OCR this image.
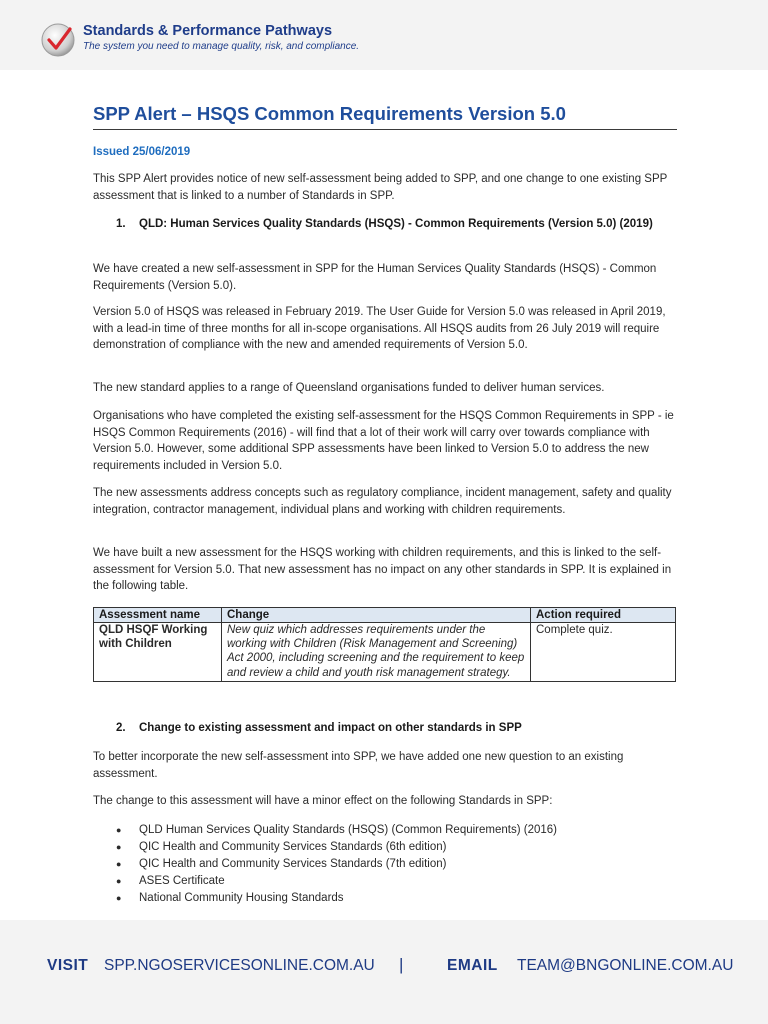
Standards & Performance Pathways
The system you need to manage quality, risk, and compliance.
SPP Alert – HSQS Common Requirements Version 5.0

Issued 25/06/2019

This SPP Alert provides notice of new self-assessment being added to SPP, and one change to one existing SPP assessment that is linked to a number of Standards in SPP.

1.	QLD: Human Services Quality Standards (HSQS) - Common Requirements (Version 5.0) (2019)

We have created a new self-assessment in SPP for the Human Services Quality Standards (HSQS) - Common Requirements (Version 5.0).

Version 5.0 of HSQS was released in February 2019. The User Guide for Version 5.0 was released in April 2019, with a lead-in time of three months for all in-scope organisations. All HSQS audits from 26 July 2019 will require demonstration of compliance with the new and amended requirements of Version 5.0.

The new standard applies to a range of Queensland organisations funded to deliver human services.

Organisations who have completed the existing self-assessment for the HSQS Common Requirements in SPP - ie HSQS Common Requirements (2016) - will find that a lot of their work will carry over towards compliance with Version 5.0. However, some additional SPP assessments have been linked to Version 5.0 to address the new requirements included in Version 5.0.

The new assessments address concepts such as regulatory compliance, incident management, safety and quality integration, contractor management, individual plans and working with children requirements.

We have built a new assessment for the HSQS working with children requirements, and this is linked to the self-assessment for Version 5.0. That new assessment has no impact on any other standards in SPP. It is explained in the following table.

Assessment name	Change	Action required
QLD HSQF Working with Children	New quiz which addresses requirements under the working with Children (Risk Management and Screening) Act 2000, including screening and the requirement to keep and review a child and youth risk management strategy.	Complete quiz.
2.	Change to existing assessment and impact on other standards in SPP

To better incorporate the new self-assessment into SPP, we have added one new question to an existing assessment.

The change to this assessment will have a minor effect on the following Standards in SPP:

● QLD Human Services Quality Standards (HSQS) (Common Requirements) (2016)
● QIC Health and Community Services Standards (6th edition)
● QIC Health and Community Services Standards (7th edition)
● ASES Certificate
● National Community Housing Standards
VISIT SPP.NGOSERVICESONLINE.COM.AU |	EMAIL TEAM@BNGONLINE.COM.AU
